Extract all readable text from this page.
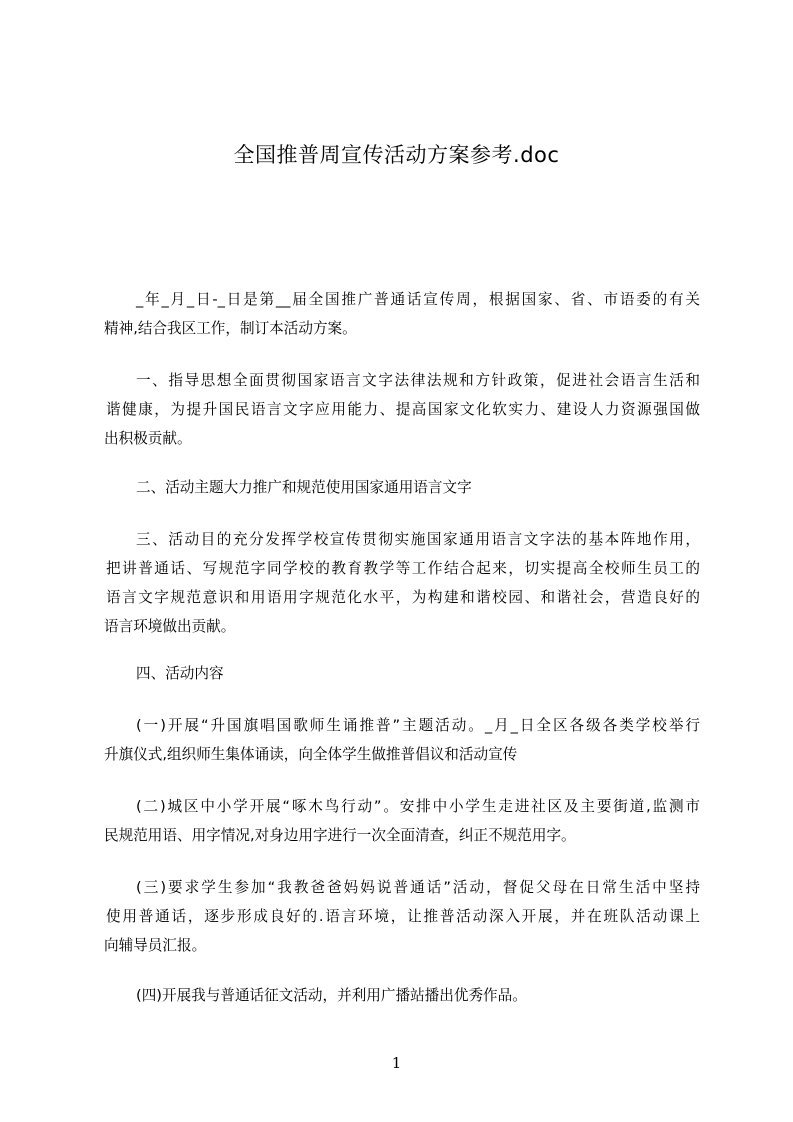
全国推普周宣传活动方案参考.doc
_年_月_日-_日是第__届全国推广普通话宣传周，根据国家、省、市语委的有关
精神,结合我区工作，制订本活动方案。
一、指导思想全面贯彻国家语言文字法律法规和方针政策，促进社会语言生活和
谐健康，为提升国民语言文字应用能力、提高国家文化软实力、建设人力资源强国做
出积极贡献。
二、活动主题大力推广和规范使用国家通用语言文字
三、活动目的充分发挥学校宣传贯彻实施国家通用语言文字法的基本阵地作用，
把讲普通话、写规范字同学校的教育教学等工作结合起来，切实提高全校师生员工的
语言文字规范意识和用语用字规范化水平，为构建和谐校园、和谐社会，营造良好的
语言环境做出贡献。
四、活动内容
(一)开展“升国旗唱国歌师生诵推普”主题活动。_月_日全区各级各类学校举行
升旗仪式,组织师生集体诵读，向全体学生做推普倡议和活动宣传
(二)城区中小学开展“啄木鸟行动”。安排中小学生走进社区及主要街道,监测市
民规范用语、用字情况,对身边用字进行一次全面清查，纠正不规范用字。
(三)要求学生参加“我教爸爸妈妈说普通话”活动，督促父母在日常生活中坚持
使用普通话，逐步形成良好的.语言环境，让推普活动深入开展，并在班队活动课上
向辅导员汇报。
(四)开展我与普通话征文活动，并利用广播站播出优秀作品。
1
